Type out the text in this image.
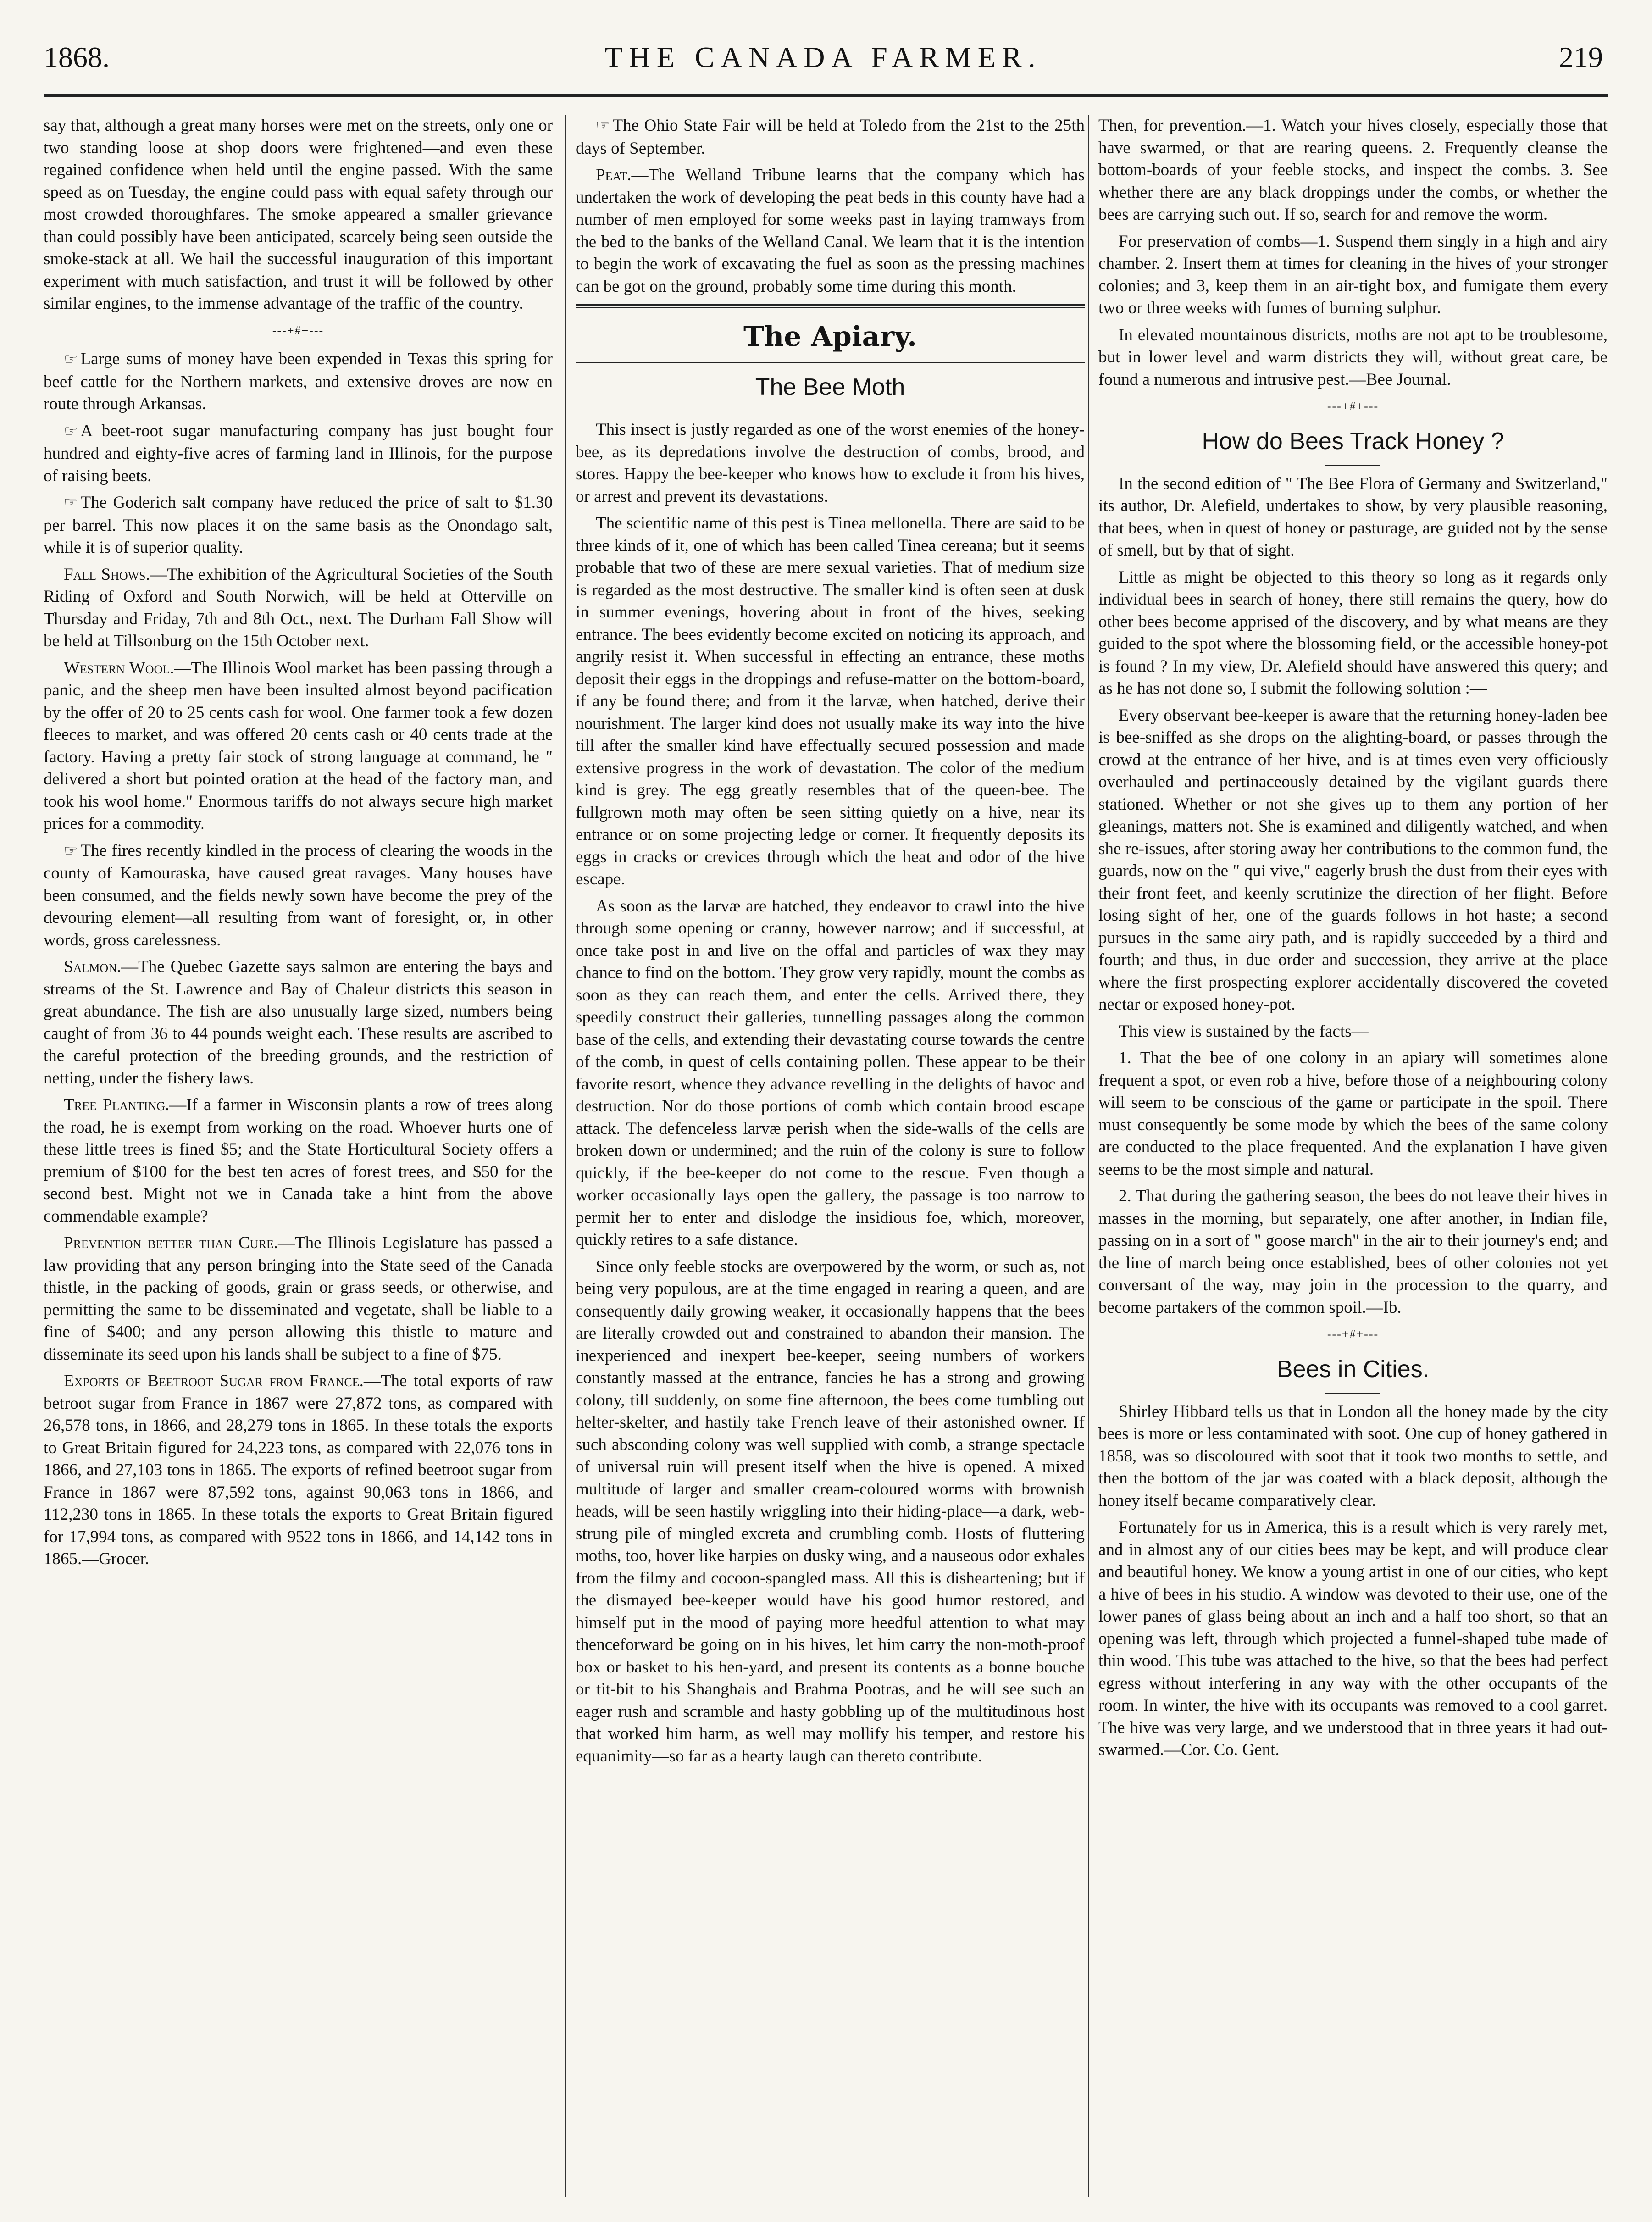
1868.	THE CANADA FARMER.	219

say that, although a great many horses were met on the streets, only one or two standing loose at shop doors were frightened—and even these regained confidence when held until the engine passed. With the same speed as on Tuesday, the engine could pass with equal safety through our most crowded thoroughfares. The smoke appeared a smaller grievance than could possibly have been anticipated, scarcely being seen outside the smoke-stack at all. We hail the successful inauguration of this important experiment with much satisfaction, and trust it will be followed by other similar engines, to the immense advantage of the traffic of the country.

---+#+---

☞ Large sums of money have been expended in Texas this spring for beef cattle for the Northern markets, and extensive droves are now en route through Arkansas.

☞ A beet-root sugar manufacturing company has just bought four hundred and eighty-five acres of farming land in Illinois, for the purpose of raising beets.

☞ The Goderich salt company have reduced the price of salt to $1.30 per barrel. This now places it on the same basis as the Onondago salt, while it is of superior quality.

Fall Shows.—The exhibition of the Agricultural Societies of the South Riding of Oxford and South Norwich, will be held at Otterville on Thursday and Friday, 7th and 8th Oct., next. The Durham Fall Show will be held at Tillsonburg on the 15th October next.

Western Wool.—The Illinois Wool market has been passing through a panic, and the sheep men have been insulted almost beyond pacification by the offer of 20 to 25 cents cash for wool. One farmer took a few dozen fleeces to market, and was offered 20 cents cash or 40 cents trade at the factory. Having a pretty fair stock of strong language at command, he " delivered a short but pointed oration at the head of the factory man, and took his wool home." Enormous tariffs do not always secure high market prices for a commodity.

☞ The fires recently kindled in the process of clearing the woods in the county of Kamouraska, have caused great ravages. Many houses have been consumed, and the fields newly sown have become the prey of the devouring element—all resulting from want of foresight, or, in other words, gross carelessness.

Salmon.—The Quebec Gazette says salmon are entering the bays and streams of the St. Lawrence and Bay of Chaleur districts this season in great abundance. The fish are also unusually large sized, numbers being caught of from 36 to 44 pounds weight each. These results are ascribed to the careful protection of the breeding grounds, and the restriction of netting, under the fishery laws.

Tree Planting.—If a farmer in Wisconsin plants a row of trees along the road, he is exempt from working on the road. Whoever hurts one of these little trees is fined $5; and the State Horticultural Society offers a premium of $100 for the best ten acres of forest trees, and $50 for the second best. Might not we in Canada take a hint from the above commendable example?

Prevention better than Cure.—The Illinois Legislature has passed a law providing that any person bringing into the State seed of the Canada thistle, in the packing of goods, grain or grass seeds, or otherwise, and permitting the same to be disseminated and vegetate, shall be liable to a fine of $400; and any person allowing this thistle to mature and disseminate its seed upon his lands shall be subject to a fine of $75.

Exports of Beetroot Sugar from France.—The total exports of raw betroot sugar from France in 1867 were 27,872 tons, as compared with 26,578 tons, in 1866, and 28,279 tons in 1865. In these totals the exports to Great Britain figured for 24,223 tons, as compared with 22,076 tons in 1866, and 27,103 tons in 1865. The exports of refined beetroot sugar from France in 1867 were 87,592 tons, against 90,063 tons in 1866, and 112,230 tons in 1865. In these totals the exports to Great Britain figured for 17,994 tons, as compared with 9522 tons in 1866, and 14,142 tons in 1865.—Grocer.

☞ The Ohio State Fair will be held at Toledo from the 21st to the 25th days of September.

Peat.—The Welland Tribune learns that the company which has undertaken the work of developing the peat beds in this county have had a number of men employed for some weeks past in laying tramways from the bed to the banks of the Welland Canal. We learn that it is the intention to begin the work of excavating the fuel as soon as the pressing machines can be got on the ground, probably some time during this month.

The Apiary.
The Bee Moth

This insect is justly regarded as one of the worst enemies of the honey-bee, as its depredations involve the destruction of combs, brood, and stores. Happy the bee-keeper who knows how to exclude it from his hives, or arrest and prevent its devastations.

The scientific name of this pest is Tinea mellonella. There are said to be three kinds of it, one of which has been called Tinea cereana; but it seems probable that two of these are mere sexual varieties. That of medium size is regarded as the most destructive. The smaller kind is often seen at dusk in summer evenings, hovering about in front of the hives, seeking entrance. The bees evidently become excited on noticing its approach, and angrily resist it. When successful in effecting an entrance, these moths deposit their eggs in the droppings and refuse-matter on the bottom-board, if any be found there; and from it the larvæ, when hatched, derive their nourishment. The larger kind does not usually make its way into the hive till after the smaller kind have effectually secured possession and made extensive progress in the work of devastation. The color of the medium kind is grey. The egg greatly resembles that of the queen-bee. The fullgrown moth may often be seen sitting quietly on a hive, near its entrance or on some projecting ledge or corner. It frequently deposits its eggs in cracks or crevices through which the heat and odor of the hive escape.

As soon as the larvæ are hatched, they endeavor to crawl into the hive through some opening or cranny, however narrow; and if successful, at once take post in and live on the offal and particles of wax they may chance to find on the bottom. They grow very rapidly, mount the combs as soon as they can reach them, and enter the cells. Arrived there, they speedily construct their galleries, tunnelling passages along the common base of the cells, and extending their devastating course towards the centre of the comb, in quest of cells containing pollen. These appear to be their favorite resort, whence they advance revelling in the delights of havoc and destruction. Nor do those portions of comb which contain brood escape attack. The defenceless larvæ perish when the side-walls of the cells are broken down or undermined; and the ruin of the colony is sure to follow quickly, if the bee-keeper do not come to the rescue. Even though a worker occasionally lays open the gallery, the passage is too narrow to permit her to enter and dislodge the insidious foe, which, moreover, quickly retires to a safe distance.

Since only feeble stocks are overpowered by the worm, or such as, not being very populous, are at the time engaged in rearing a queen, and are consequently daily growing weaker, it occasionally happens that the bees are literally crowded out and constrained to abandon their mansion. The inexperienced and inexpert bee-keeper, seeing numbers of workers constantly massed at the entrance, fancies he has a strong and growing colony, till suddenly, on some fine afternoon, the bees come tumbling out helter-skelter, and hastily take French leave of their astonished owner. If such absconding colony was well supplied with comb, a strange spectacle of universal ruin will present itself when the hive is opened. A mixed multitude of larger and smaller cream-coloured worms with brownish heads, will be seen hastily wriggling into their hiding-place—a dark, web-strung pile of mingled excreta and crumbling comb. Hosts of fluttering moths, too, hover like harpies on dusky wing, and a nauseous odor exhales from the filmy and cocoon-spangled mass. All this is disheartening; but if the dismayed bee-keeper would have his good humor restored, and himself put in the mood of paying more heedful attention to what may thenceforward be going on in his hives, let him carry the non-moth-proof box or basket to his hen-yard, and present its contents as a bonne bouche or tit-bit to his Shanghais and Brahma Pootras, and he will see such an eager rush and scramble and hasty gobbling up of the multitudinous host that worked him harm, as well may mollify his temper, and restore his equanimity—so far as a hearty laugh can thereto contribute.

Then, for prevention.—1. Watch your hives closely, especially those that have swarmed, or that are rearing queens. 2. Frequently cleanse the bottom-boards of your feeble stocks, and inspect the combs. 3. See whether there are any black droppings under the combs, or whether the bees are carrying such out. If so, search for and remove the worm.

For preservation of combs—1. Suspend them singly in a high and airy chamber. 2. Insert them at times for cleaning in the hives of your stronger colonies; and 3, keep them in an air-tight box, and fumigate them every two or three weeks with fumes of burning sulphur.

In elevated mountainous districts, moths are not apt to be troublesome, but in lower level and warm districts they will, without great care, be found a numerous and intrusive pest.—Bee Journal.

---+#+---
How do Bees Track Honey ?

In the second edition of " The Bee Flora of Germany and Switzerland," its author, Dr. Alefield, undertakes to show, by very plausible reasoning, that bees, when in quest of honey or pasturage, are guided not by the sense of smell, but by that of sight.

Little as might be objected to this theory so long as it regards only individual bees in search of honey, there still remains the query, how do other bees become apprised of the discovery, and by what means are they guided to the spot where the blossoming field, or the accessible honey-pot is found ? In my view, Dr. Alefield should have answered this query; and as he has not done so, I submit the following solution :—

Every observant bee-keeper is aware that the returning honey-laden bee is bee-sniffed as she drops on the alighting-board, or passes through the crowd at the entrance of her hive, and is at times even very officiously overhauled and pertinaceously detained by the vigilant guards there stationed. Whether or not she gives up to them any portion of her gleanings, matters not. She is examined and diligently watched, and when she re-issues, after storing away her contributions to the common fund, the guards, now on the " qui vive," eagerly brush the dust from their eyes with their front feet, and keenly scrutinize the direction of her flight. Before losing sight of her, one of the guards follows in hot haste; a second pursues in the same airy path, and is rapidly succeeded by a third and fourth; and thus, in due order and succession, they arrive at the place where the first prospecting explorer accidentally discovered the coveted nectar or exposed honey-pot.

This view is sustained by the facts—

1. That the bee of one colony in an apiary will sometimes alone frequent a spot, or even rob a hive, before those of a neighbouring colony will seem to be conscious of the game or participate in the spoil. There must consequently be some mode by which the bees of the same colony are conducted to the place frequented. And the explanation I have given seems to be the most simple and natural.

2. That during the gathering season, the bees do not leave their hives in masses in the morning, but separately, one after another, in Indian file, passing on in a sort of " goose march" in the air to their journey's end; and the line of march being once established, bees of other colonies not yet conversant of the way, may join in the procession to the quarry, and become partakers of the common spoil.—Ib.

---+#+---
Bees in Cities.

Shirley Hibbard tells us that in London all the honey made by the city bees is more or less contaminated with soot. One cup of honey gathered in 1858, was so discoloured with soot that it took two months to settle, and then the bottom of the jar was coated with a black deposit, although the honey itself became comparatively clear.

Fortunately for us in America, this is a result which is very rarely met, and in almost any of our cities bees may be kept, and will produce clear and beautiful honey. We know a young artist in one of our cities, who kept a hive of bees in his studio. A window was devoted to their use, one of the lower panes of glass being about an inch and a half too short, so that an opening was left, through which projected a funnel-shaped tube made of thin wood. This tube was attached to the hive, so that the bees had perfect egress without interfering in any way with the other occupants of the room. In winter, the hive with its occupants was removed to a cool garret. The hive was very large, and we understood that in three years it had out-swarmed.—Cor. Co. Gent.
